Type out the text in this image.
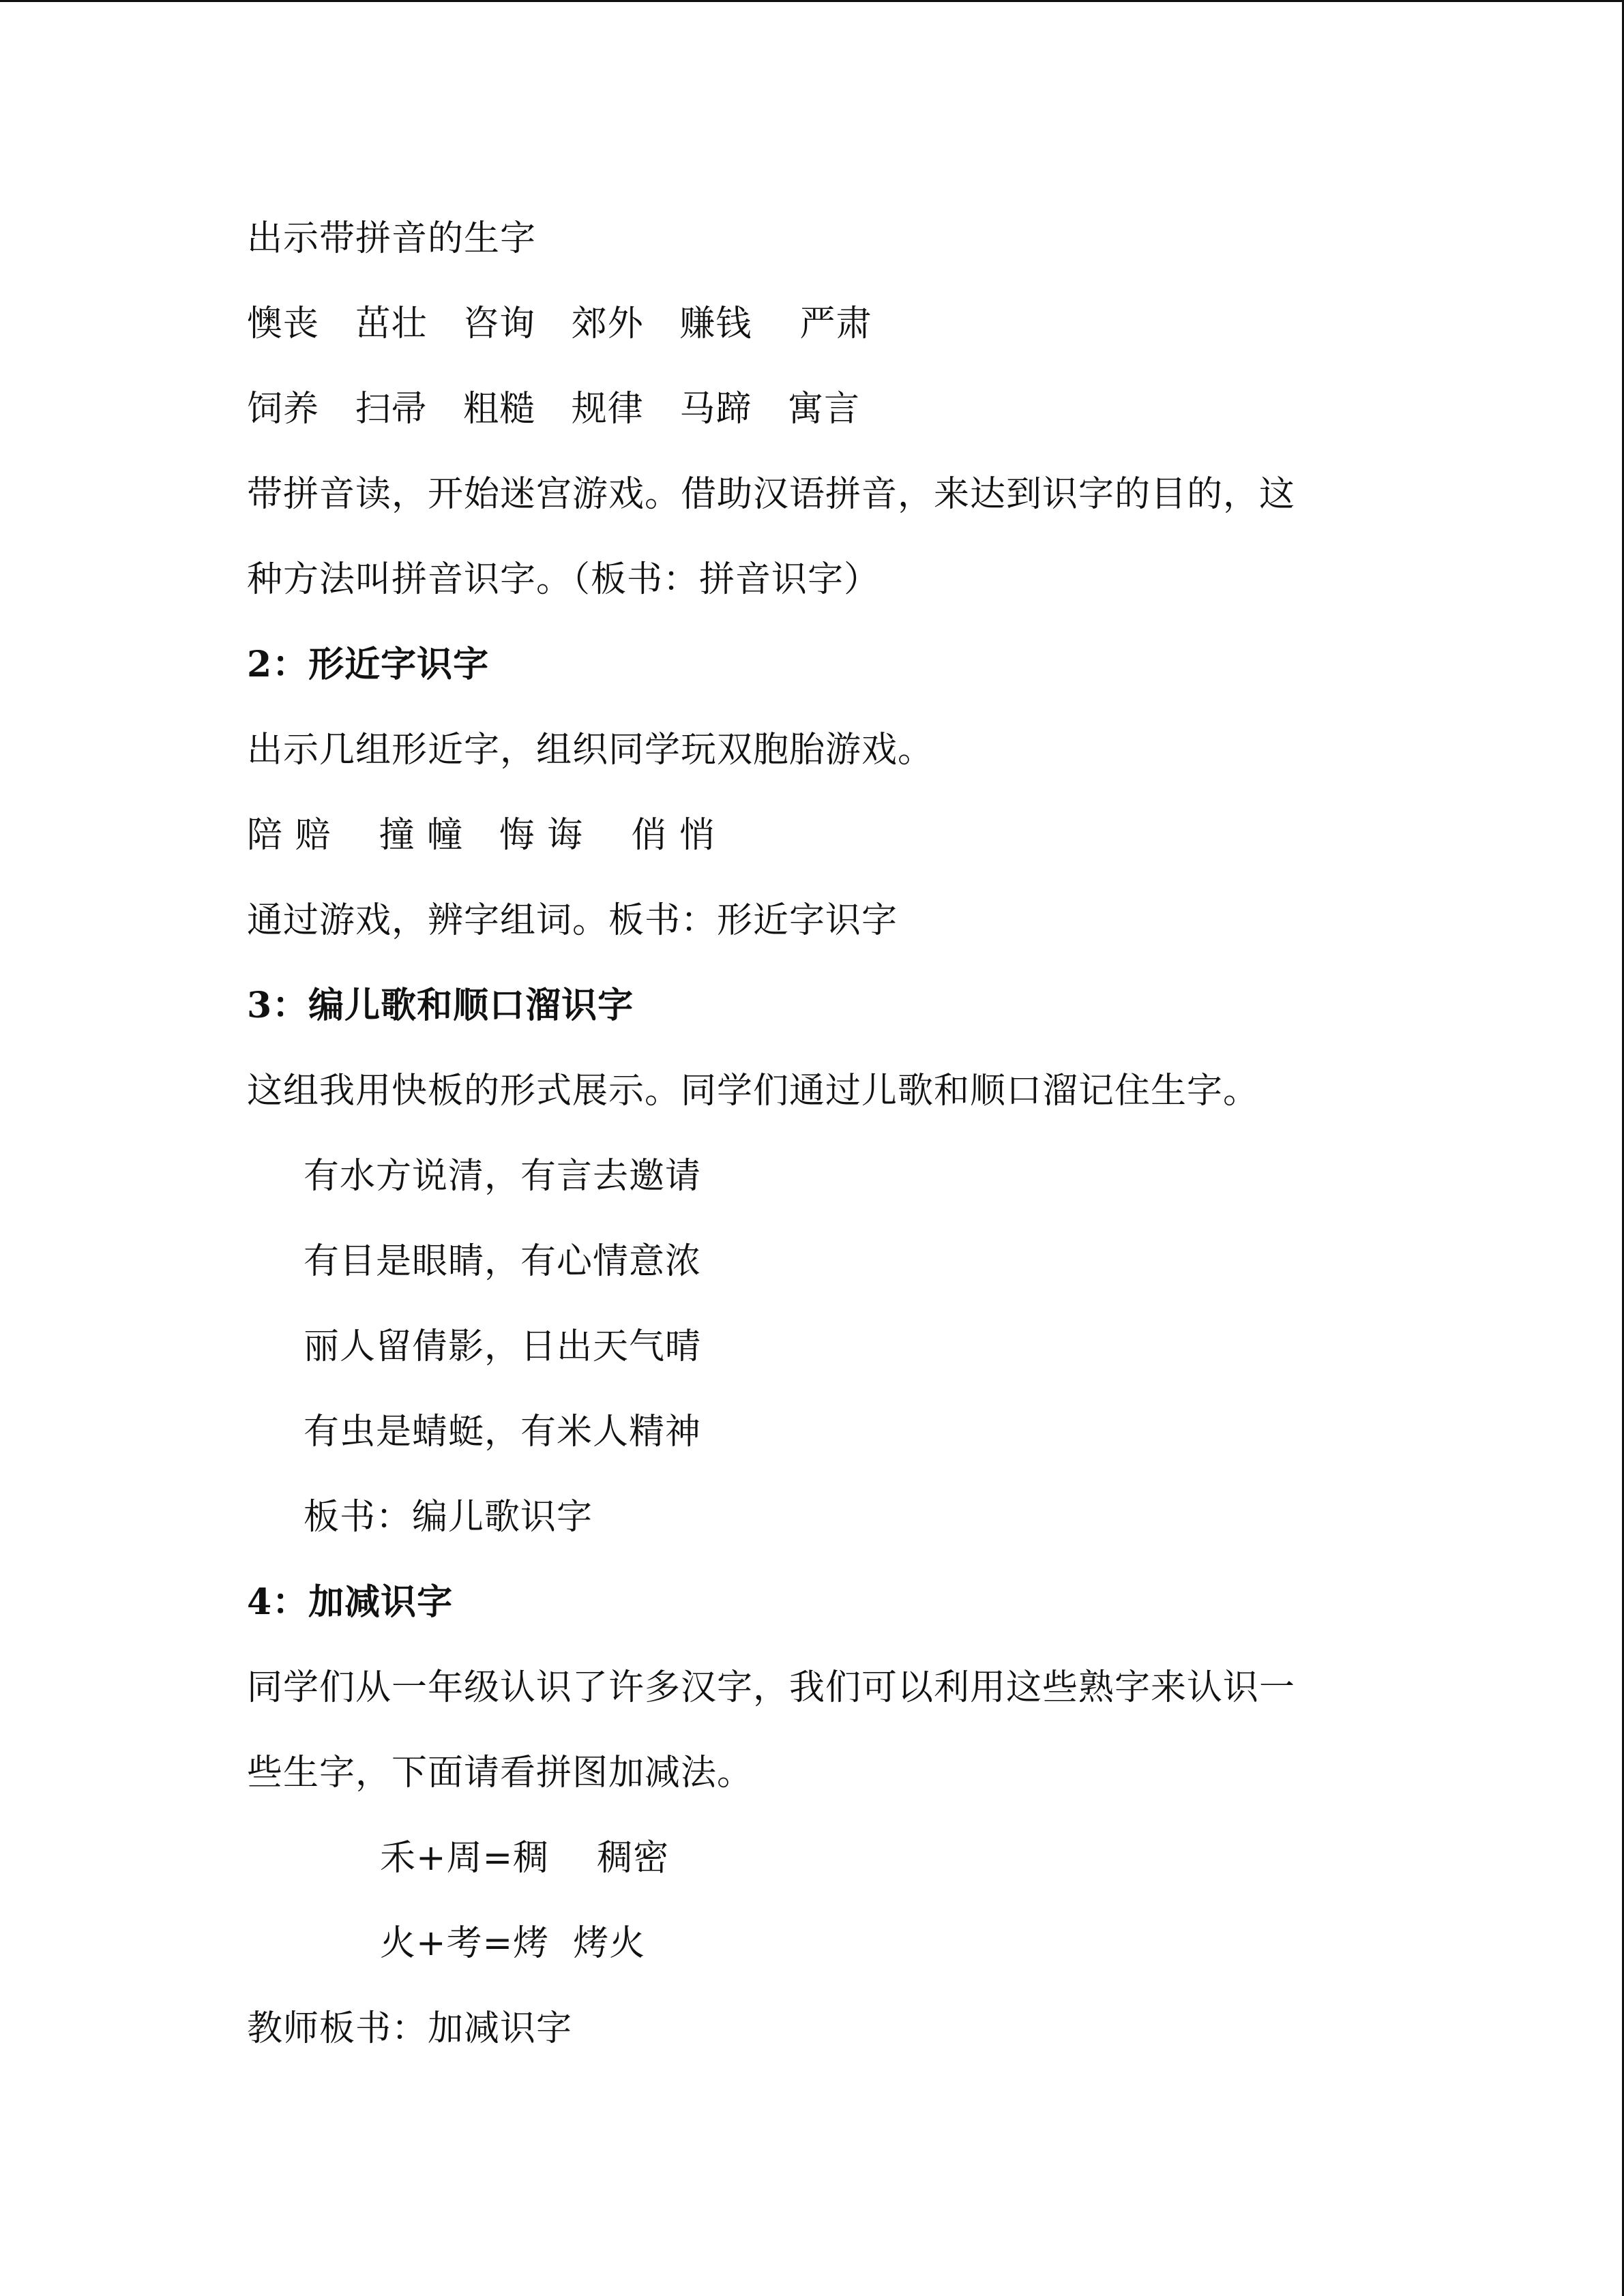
出示带拼音的生字
懊丧   茁壮   咨询   郊外   赚钱    严肃
饲养   扫帚   粗糙   规律   马蹄   寓言
带拼音读，开始迷宫游戏。借助汉语拼音，来达到识字的目的，这
种方法叫拼音识字。（板书：拼音识字）
2：形近字识字
出示几组形近字，组织同学玩双胞胎游戏。
陪 赔    撞 幢   悔 诲    俏 悄
通过游戏，辨字组词。板书：形近字识字
3：编儿歌和顺口溜识字
这组我用快板的形式展示。同学们通过儿歌和顺口溜记住生字。
有水方说清，有言去邀请
有目是眼睛，有心情意浓
丽人留倩影，日出天气晴
有虫是蜻蜓，有米人精神
板书：编儿歌识字
4：加减识字
同学们从一年级认识了许多汉字，我们可以利用这些熟字来认识一
些生字，下面请看拼图加减法。
禾+周=稠    稠密
火+考=烤  烤火
教师板书：加减识字
